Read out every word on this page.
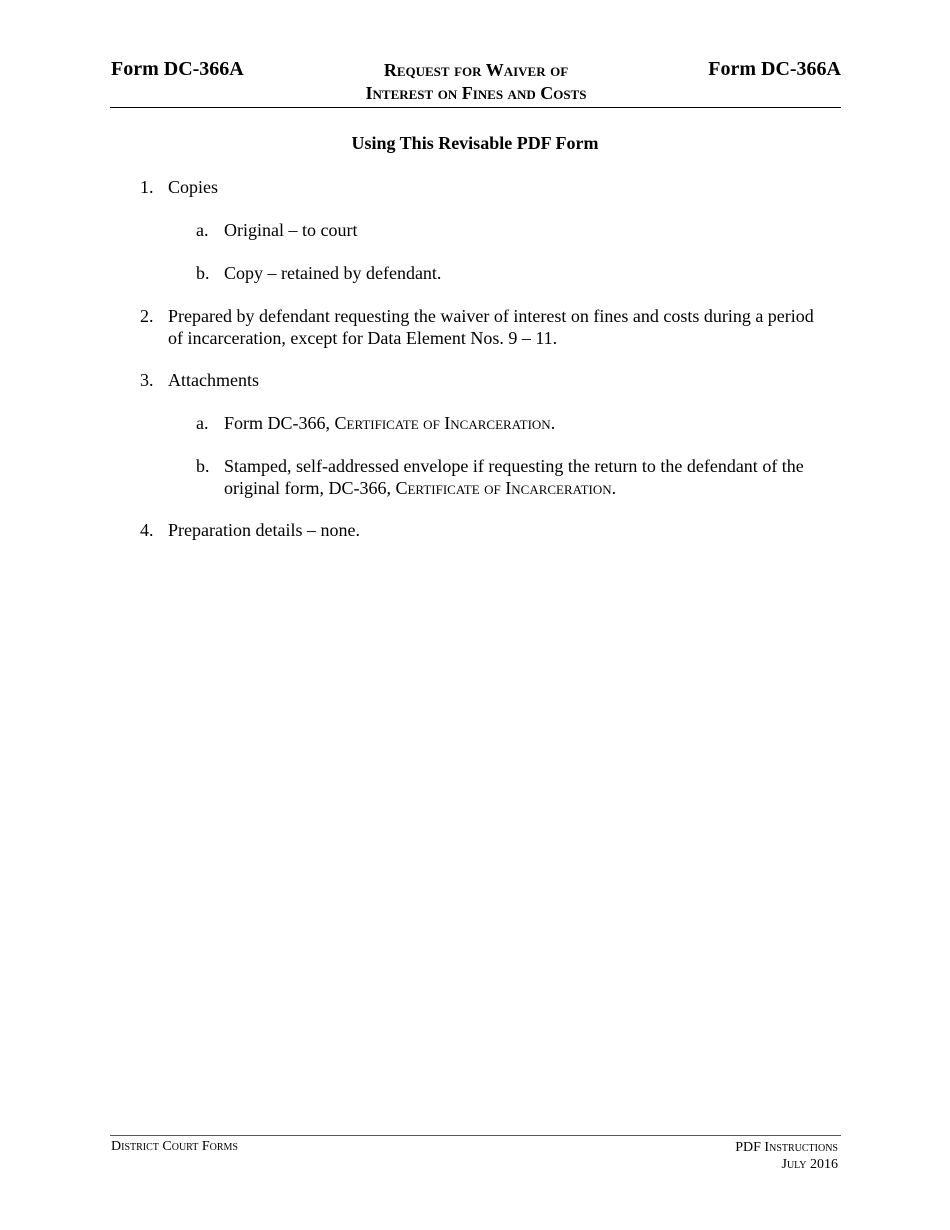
Form DC-366A	Request for Waiver of
Interest on Fines and Costs
Form DC-366A
Using This Revisable PDF Form
1. Copies
a. Original – to court
b. Copy – retained by defendant.
2. Prepared by defendant requesting the waiver of interest on fines and costs during a period
of incarceration, except for Data Element Nos. 9 – 11.
3. Attachments
a. Form DC-366, Certificate of Incarceration.
b. Stamped, self-addressed envelope if requesting the return to the defendant of the
original form, DC-366, Certificate of Incarceration.
4. Preparation details – none.
District Court Forms	PDF Instructions
July 2016
